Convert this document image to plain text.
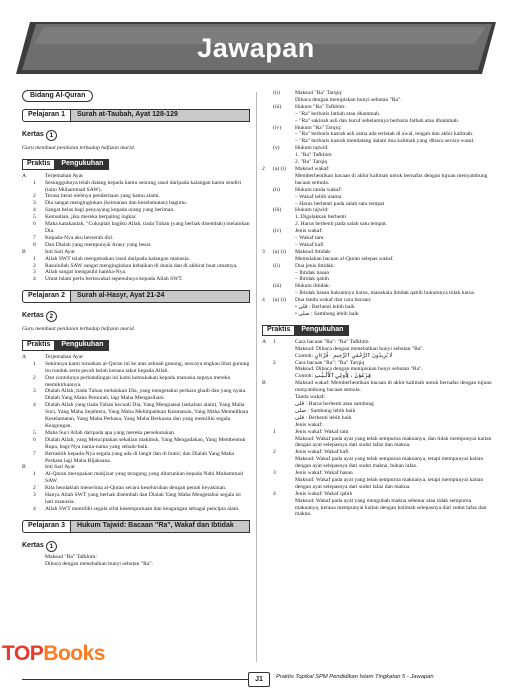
Jawapan
Bidang Al-Quran
Pelajaran 1	Surah at-Taubah, Ayat 128-129
Kertas 1
Guru membuat penilaian terhadap hafazan murid.
Praktis	Pengukuhan
A	Terjemahan Ayat
1	Sesungguhnya telah datang kepada kamu seorang rasul daripada kalangan kamu sendiri (iaitu Muhammad SAW).
2	Terasa berat olehnya penderitaan yang kamu alami.
3	Dia sangat menginginkan (keimanan dan keselamatan) bagimu.
4	Sangat belas bagi penyayang kepada orang yang beriman.
5	Kemudian, jika mereka berpaling ingkar.
6	Maka katakanlah, "Cukuplah bagiku Allah, tiada Tuhan (yang berhak disembah) melainkan Dia.
7	Kepada-Nya aku berserah diri.
8	Dan Dialah yang mempunyai Arasy yang besar.
B	Inti Sari Ayat
1	Allah SWT telah mengutuskan rasul daripada kalangan manusia.
2	Rasulullah SAW sangat menginginkan kebaikan di dunia dan di akhirat buat umatnya.
3	Allah sangat mengasihi hamba-Nya.
4	Umat Islam perlu bertawakal sepenuhnya kepada Allah SWT.
Pelajaran 2	Surah al-Hasyr, Ayat 21-24
Kertas 2
Guru membuat penilaian terhadap hafazan murid.
Praktis	Pengukuhan
A	Terjemahan Ayat
1	Sekiranya kami turunkan al-Quran ini ke atas sebuah gunung, nescaya engkau lihat gunung itu tunduk serta pecah belah kerana takut kepada Allah.
2	Dan contohnya perbandingan ini kami kemukakan kepada manusia supaya mereka memikirkannya.
3	Dialah Allah, tiada Tuhan melainkan Dia, yang mengetahui perkara ghaib dan yang nyata. Dialah Yang Maha Pemurah, lagi Maha Mengasihani.
4	Dialah Allah yang tiada Tuhan kecuali Dia, Yang Menguasai (sekalian alam), Yang Maha Suci, Yang Maha Sejahtera, Yang Maha Melimpahkan Keamanan, Yang Maha Memelihara Keselamatan, Yang Maha Perkasa, Yang Maha Berkuasa dan yang memiliki segala Keagungan.
5	Maha Suci Allah daripada apa yang mereka persekutukan.
6	Dialah Allah, yang Menciptakan sekalian makhluk, Yang Mengadakan, Yang Membentuk Rupa, bagi-Nya nama-nama yang sebaik-baik.
7	Bertasbih kepada-Nya segala yang ada di langit dan di bumi; dan Dialah Yang Maha Perkasa lagi Maha Bijaksana.
B	Inti Sari Ayat
1	Al-Quran merupakan mukjizat yang teragung yang diturunkan kepada Nabi Muhammad SAW.
2	Kita hendaklah menerima al-Quran secara keseluruhan dengan penuh keyakinan.
3	Hanya Allah SWT yang berhak disembah dan Dialah Yang Maha Mengetahui segala isi hati manusia.
4	Allah SWT memiliki segala sifat kesempurnaan dan keagungan sebagai pencipta alam.
Pelajaran 3	Hukum Tajwid: Bacaan "Ra", Wakaf dan Ibtidak
Kertas 1
Maksud "Ra" Tafkhim:
Dibaca dengan menebalkan bunyi sebutan "Ra".
(ii)	Maksud "Ra" Tarqiq:
Dibaca dengan menipiskan bunyi sebutan "Ra".
(iii)	Hukum "Ra" Tafkhim:
– "Ra" berbaris fathah atau dhammah.
– "Ra" sakinah asli dan huruf sebelumnya berbaris fathah atau dhammah.
(iv)	Hukum "Ra" Tarqiq:
– "Ra" berbaris kasrah asli sama ada terletak di awal, tengah dan akhir kalimah.
– "Ra" berbaris kasrah mendatang dalam dua kalimah yang dibaca secara wasal.
(v)	Hukum tajwid:
1. "Ra" Tafkhim
2. "Ra" Tarqiq
2	(a) (i)	Maksud wakaf:
Memberhentikan bacaan di akhir kalimah untuk bernafas dengan tujuan menyambung bacaan semula.
(ii)	Hukum tanda wakaf:
– Wakaf lebih utama
– Harus berhenti pada salah satu tempat
(iii)	Hukum tajwid:
1. Digalakkan berhenti
2. Harus berhenti pada salah satu tempat.
(iv)	Jenis wakaf:
– Wakaf tam
– Wakaf kafi
3	(a) (i)	Maksud ibtidak:
Memulakan bacaan al-Quran selepas wakaf.
(ii)	Dua jenis ibtidak:
– Ibtidak hasan
– Ibtidak qabih
(iii)	Hukum ibtidak:
– Ibtidak hasan hukumnya harus, manakala ibtidak qabih hukumnya tidak harus.
4	(a) (i)	Dua tanda wakaf dan cara bacaan:
• قلى : Berhenti lebih baik
• صلى : Sambung lebih baik
Praktis	Pengukuhan
A	1	Cara bacaan "Ra": "Ra" Tafkhim
Maksud: Dibaca dengan menebalkan bunyi sebutan "Ra".
Contoh: لَا يُرِيدُونَ ٱلرَّحْمَٰنِ ٱلرَّحِيمِ · قُرْءَانٍ
2	Cara bacaan "Ra": "Ra" Tarqiq
Maksud: Dibaca dengan menipiskan bunyi sebutan "Ra".
Contoh: فِرْعَوْنَ ، لِأُولِي ٱلْأَلْبَٰبِ
B	Maksud wakaf: Memberhentikan bacaan di akhir kalimah untuk bernafas dengan tujuan menyambung bacaan semula.
Tanda wakaf:
قلى : Harus berhenti atau sambung
صلى : Sambung lebih baik
قلى : Berhenti lebih baik
Jenis wakaf:
1	Jenis wakaf: Wakaf tam
Maksud: Wakaf pada ayat yang telah sempurna maknanya, dan tidak mempunyai kaitan dengan ayat selepasnya dari sudut lafaz dan makna.
2	Jenis wakaf: Wakaf kafi
Maksud: Wakaf pada ayat yang telah sempurna maknanya, tetapi mempunyai kaitan dengan ayat selepasnya dari sudut makna, bukan lafaz.
3	Jenis wakaf: Wakaf hasan
Maksud: Wakaf pada ayat yang telah sempurna maknanya, tetapi mempunyai kaitan dengan ayat selepasnya dari sudut lafaz dan makna.
4	Jenis wakaf: Wakaf qabih
Maksud: Wakaf pada ayat yang mengubah makna sebenar atau tidak sempurna maknanya, kerana mempunyai kaitan dengan kalimah selepasnya dari sudut lafaz dan makna.
J1	Praktis Topikal SPM Pendidikan Islam Tingkatan 5 - Jawapan
TOPBooks
